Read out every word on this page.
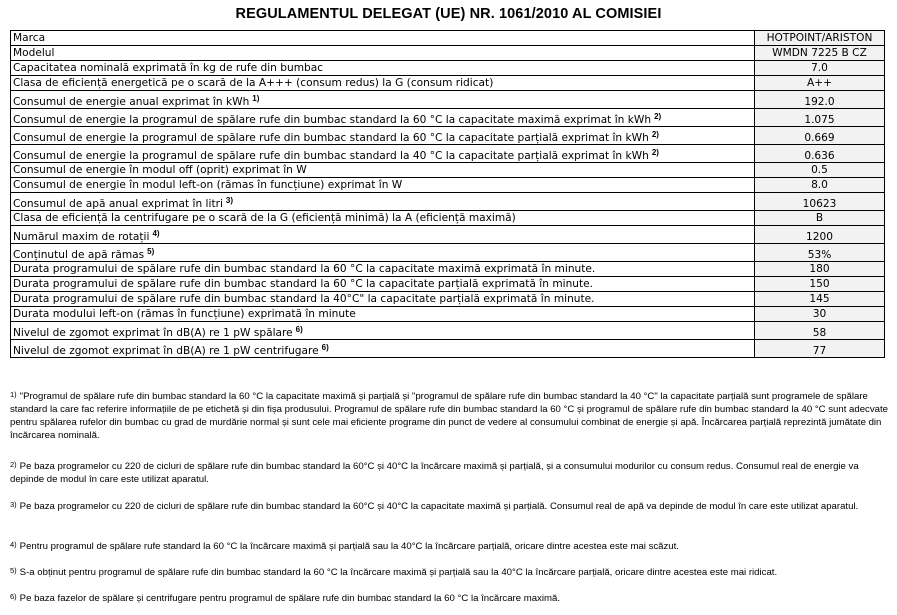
REGULAMENTUL DELEGAT (UE) NR. 1061/2010 AL COMISIEI
Marca	HOTPOINT/ARISTON
Modelul	WMDN 7225 B CZ
Capacitatea nominală exprimată în kg de rufe din bumbac	7.0
Clasa de eficiență energetică pe o scară de la A+++ (consum redus) la G (consum ridicat)	A++
Consumul de energie anual exprimat în kWh $^{1)}$	192.0
Consumul de energie la programul de spălare rufe din bumbac standard la 60 °C la capacitate maximă exprimat în kWh $^{2)}$	1.075
Consumul de energie la programul de spălare rufe din bumbac standard la 60 °C la capacitate parțială exprimat în kWh $^{2)}$	0.669
Consumul de energie la programul de spălare rufe din bumbac standard la 40 °C la capacitate parțială exprimat în kWh $^{2)}$	0.636
Consumul de energie în modul off (oprit) exprimat în W	0.5
Consumul de energie în modul left-on (rămas în funcțiune) exprimat în W	8.0
Consumul de apă anual exprimat în litri $^{3)}$	10623
Clasa de eficiență la centrifugare pe o scară de la G (eficiență minimă) la A (eficiență maximă)	B
Numărul maxim de rotații $^{4)}$	1200
Conținutul de apă rămas $^{5)}$	53%
Durata programului de spălare rufe din bumbac standard la 60 °C la capacitate maximă exprimată în minute.	180
Durata programului de spălare rufe din bumbac standard la 60 °C la capacitate parțială exprimată în minute.	150
Durata programului de spălare rufe din bumbac standard la 40°C" la capacitate parțială exprimată în minute.	145
Durata modului left-on (rămas în funcțiune) exprimată în minute	30
Nivelul de zgomot exprimat în dB(A) re 1 pW spălare $^{6)}$	58
Nivelul de zgomot exprimat în dB(A) re 1 pW centrifugare $^{6)}$	77

$^{1)}$ "Programul de spălare rufe din bumbac standard la 60 °C la capacitate maximă și parțială și "programul de spălare rufe din bumbac standard la 40 °C" la capacitate parțială sunt programele de spălare standard la care fac referire informațiile de pe etichetă și din fișa produsului. Programul de spălare rufe din bumbac standard la 60 °C și programul de spălare rufe din bumbac standard la 40 °C sunt adecvate pentru spălarea rufelor din bumbac cu grad de murdărie normal și sunt cele mai eficiente programe din punct de vedere al consumului combinat de energie și apă. Încărcarea parțială reprezintă jumătate din încărcarea nominală.

$^{2)}$ Pe baza programelor cu 220 de cicluri de spălare rufe din bumbac standard la 60°C și 40°C la încărcare maximă și parțială, și a consumului modurilor cu consum redus. Consumul real de energie va depinde de modul în care este utilizat aparatul.

$^{3)}$ Pe baza programelor cu 220 de cicluri de spălare rufe din bumbac standard la 60°C și 40°C la capacitate maximă și parțială. Consumul real de apă va depinde de modul în care este utilizat aparatul.

$^{4)}$ Pentru programul de spălare rufe standard la 60 °C la încărcare maximă și parțială sau la 40°C la încărcare parțială, oricare dintre acestea este mai scăzut.

$^{5)}$ S-a obținut pentru programul de spălare rufe din bumbac standard la 60 °C la încărcare maximă și parțială sau la 40°C la încărcare parțială, oricare dintre acestea este mai ridicat.

$^{6)}$ Pe baza fazelor de spălare și centrifugare pentru programul de spălare rufe din bumbac standard la 60 °C la încărcare maximă.
